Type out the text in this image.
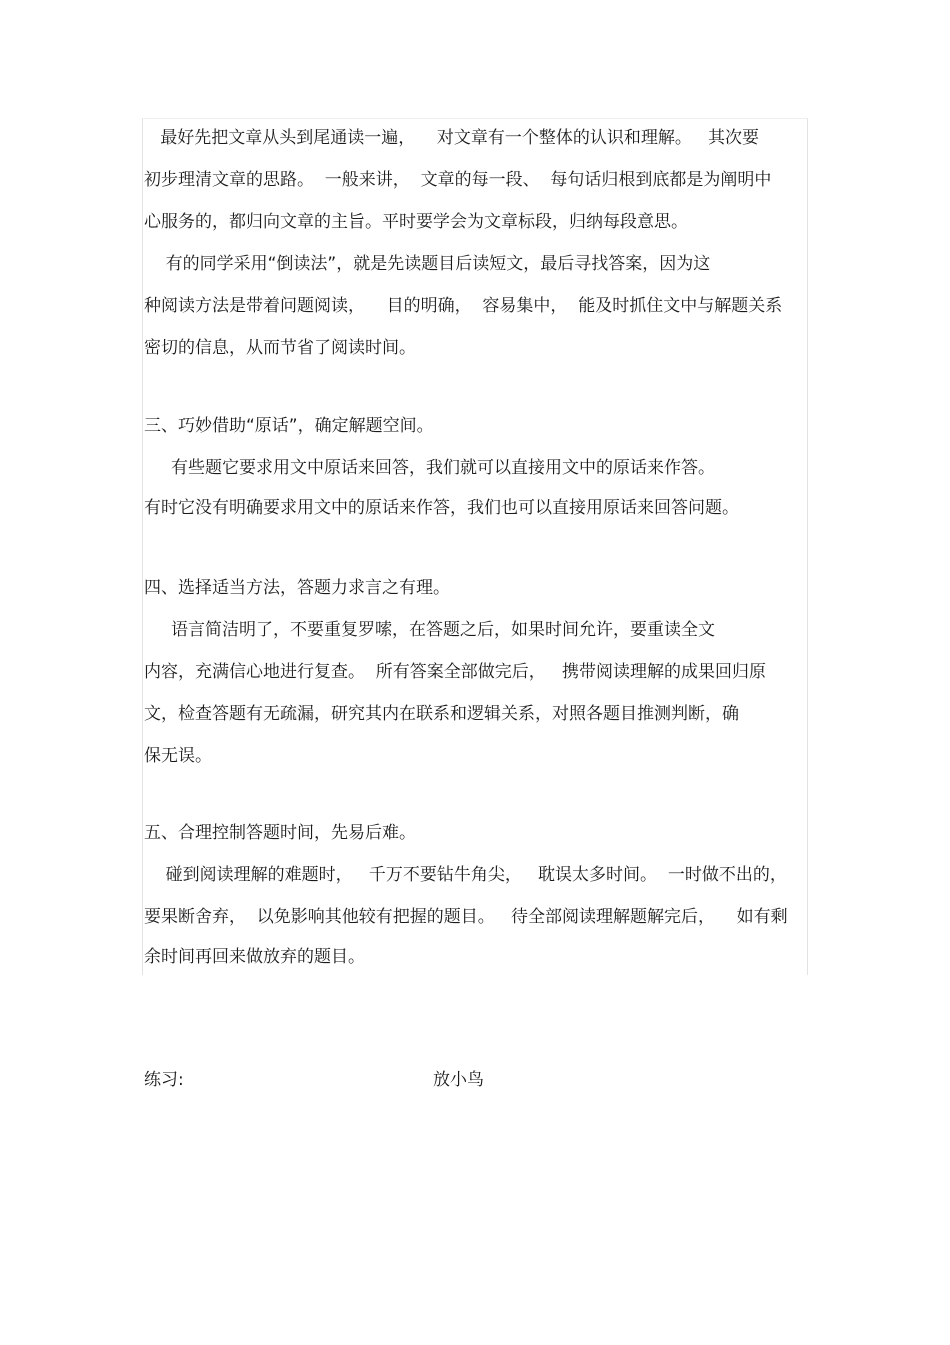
最好先把文章从头到尾通读一遍，    对文章有一个整体的认识和理解。   其次要
初步理清文章的思路。  一般来讲，  文章的每一段、  每句话归根到底都是为阐明中
心服务的，都归向文章的主旨。平时要学会为文章标段，归纳每段意思。
有的同学采用“倒读法”，就是先读题目后读短文，最后寻找答案，因为这
种阅读方法是带着问题阅读，    目的明确，  容易集中，  能及时抓住文中与解题关系
密切的信息，从而节省了阅读时间。
三、巧妙借助“原话”，确定解题空间。
有些题它要求用文中原话来回答，我们就可以直接用文中的原话来作答。
有时它没有明确要求用文中的原话来作答，我们也可以直接用原话来回答问题。
四、选择适当方法，答题力求言之有理。
语言简洁明了，不要重复罗嗦，在答题之后，如果时间允许，要重读全文
内容，充满信心地进行复查。  所有答案全部做完后，   携带阅读理解的成果回归原
文，检查答题有无疏漏，研究其内在联系和逻辑关系，对照各题目推测判断，确
保无误。
五、合理控制答题时间，先易后难。
碰到阅读理解的难题时，   千万不要钻牛角尖，   耽误太多时间。  一时做不出的，
要果断舍弃，  以免影响其他较有把握的题目。   待全部阅读理解题解完后，    如有剩
余时间再回来做放弃的题目。
练习:	放小鸟
